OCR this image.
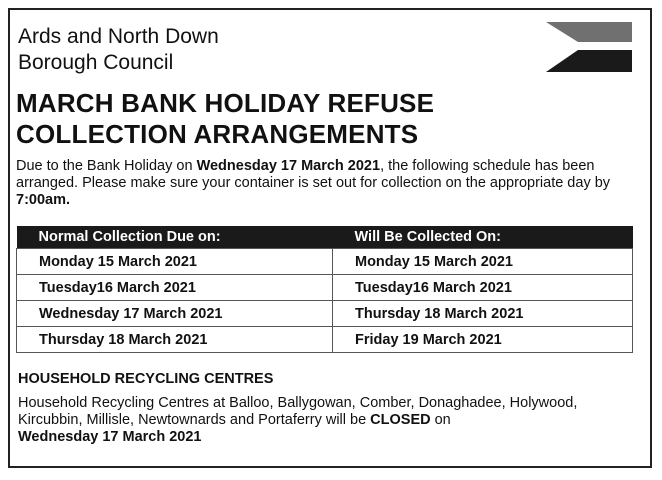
Ards and North Down
Borough Council
MARCH BANK HOLIDAY REFUSE
COLLECTION ARRANGEMENTS
Due to the Bank Holiday on Wednesday 17 March 2021, the following schedule has been arranged. Please make sure your container is set out for collection on the appropriate day by 7:00am.
Normal Collection Due on:	Will Be Collected On:
Monday 15 March 2021	Monday 15 March 2021
Tuesday16 March 2021	Tuesday16 March 2021
Wednesday 17 March 2021	Thursday 18 March 2021
Thursday 18 March 2021	Friday 19 March 2021
HOUSEHOLD RECYCLING CENTRES
Household Recycling Centres at Balloo, Ballygowan, Comber, Donaghadee, Holywood, Kircubbin, Millisle, Newtownards and Portaferry will be CLOSED on
Wednesday 17 March 2021
